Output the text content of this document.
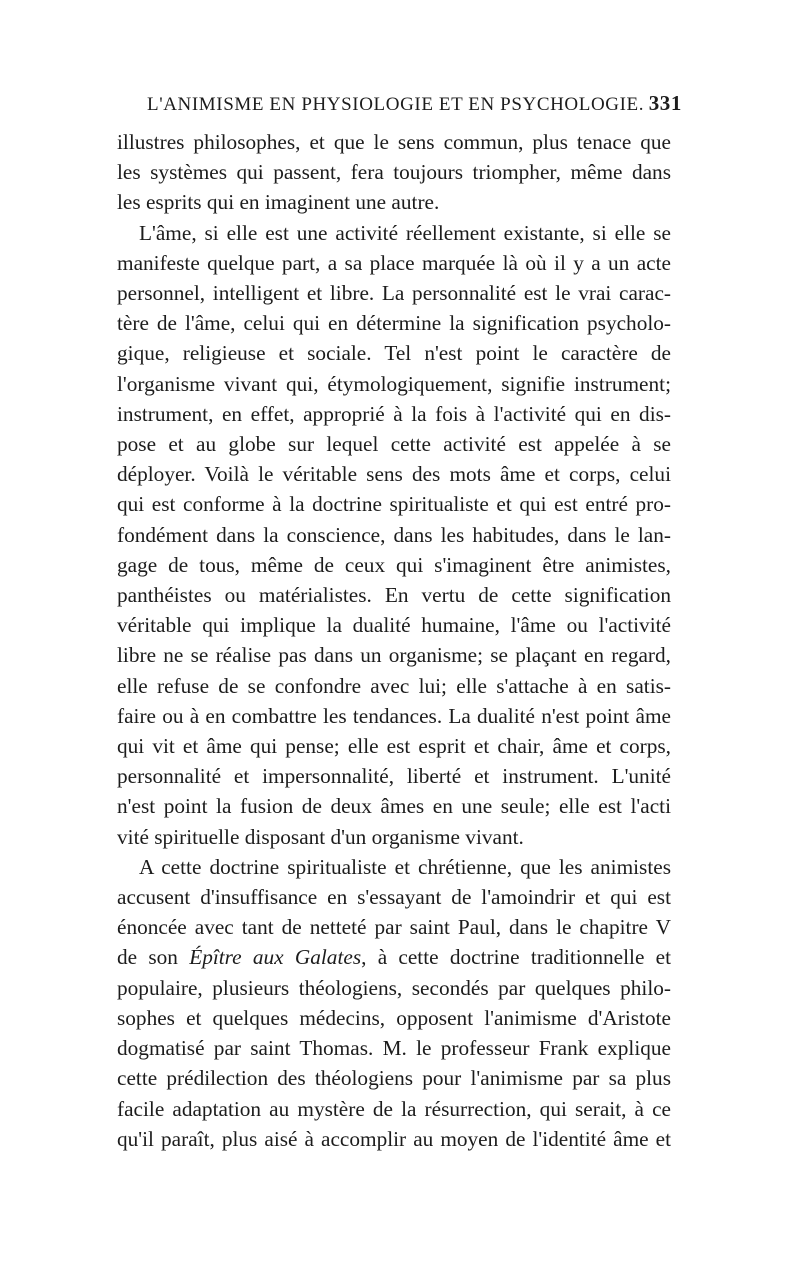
L'ANIMISME EN PHYSIOLOGIE ET EN PSYCHOLOGIE. 331
illustres philosophes, et que le sens commun, plus tenace que
les systèmes qui passent, fera toujours triompher, même dans
les esprits qui en imaginent une autre.
L'âme, si elle est une activité réellement existante, si elle se
manifeste quelque part, a sa place marquée là où il y a un acte
personnel, intelligent et libre. La personnalité est le vrai carac-
tère de l'âme, celui qui en détermine la signification psycholo-
gique, religieuse et sociale. Tel n'est point le caractère de
l'organisme vivant qui, étymologiquement, signifie instrument;
instrument, en effet, approprié à la fois à l'activité qui en dis-
pose et au globe sur lequel cette activité est appelée à se
déployer. Voilà le véritable sens des mots âme et corps, celui
qui est conforme à la doctrine spiritualiste et qui est entré pro-
fondément dans la conscience, dans les habitudes, dans le lan-
gage de tous, même de ceux qui s'imaginent être animistes,
panthéistes ou matérialistes. En vertu de cette signification
véritable qui implique la dualité humaine, l'âme ou l'activité
libre ne se réalise pas dans un organisme; se plaçant en regard,
elle refuse de se confondre avec lui; elle s'attache à en satis-
faire ou à en combattre les tendances. La dualité n'est point âme
qui vit et âme qui pense; elle est esprit et chair, âme et corps,
personnalité et impersonnalité, liberté et instrument. L'unité
n'est point la fusion de deux âmes en une seule; elle est l'acti
vité spirituelle disposant d'un organisme vivant.
A cette doctrine spiritualiste et chrétienne, que les animistes
accusent d'insuffisance en s'essayant de l'amoindrir et qui est
énoncée avec tant de netteté par saint Paul, dans le chapitre V
de son Épître aux Galates, à cette doctrine traditionnelle et
populaire, plusieurs théologiens, secondés par quelques philo-
sophes et quelques médecins, opposent l'animisme d'Aristote
dogmatisé par saint Thomas. M. le professeur Frank explique
cette prédilection des théologiens pour l'animisme par sa plus
facile adaptation au mystère de la résurrection, qui serait, à ce
qu'il paraît, plus aisé à accomplir au moyen de l'identité âme et
